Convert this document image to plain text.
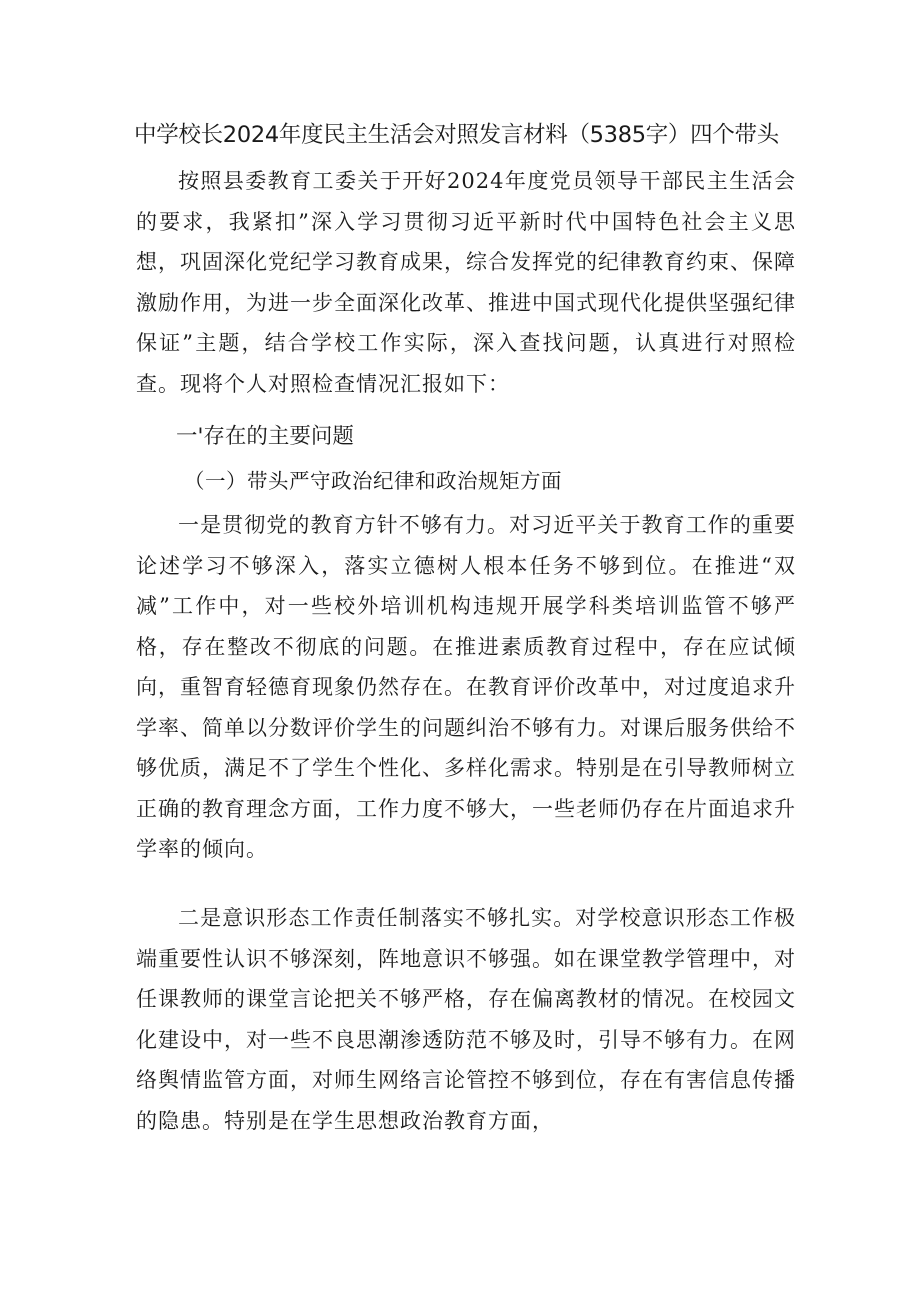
中学校长2024年度民主生活会对照发言材料（5385字）四个带头
按照县委教育工委关于开好2024年度党员领导干部民主生活会的要求，我紧扣”深入学习贯彻习近平新时代中国特色社会主义思想，巩固深化党纪学习教育成果，综合发挥党的纪律教育约束、保障激励作用，为进一步全面深化改革、推进中国式现代化提供坚强纪律保证”主题，结合学校工作实际，深入查找问题，认真进行对照检查。现将个人对照检查情况汇报如下：
一'存在的主要问题
（一）带头严守政治纪律和政治规矩方面
一是贯彻党的教育方针不够有力。对习近平关于教育工作的重要论述学习不够深入，落实立德树人根本任务不够到位。在推进“双减”工作中，对一些校外培训机构违规开展学科类培训监管不够严格，存在整改不彻底的问题。在推进素质教育过程中，存在应试倾向，重智育轻德育现象仍然存在。在教育评价改革中，对过度追求升学率、简单以分数评价学生的问题纠治不够有力。对课后服务供给不够优质，满足不了学生个性化、多样化需求。特别是在引导教师树立正确的教育理念方面，工作力度不够大，一些老师仍存在片面追求升学率的倾向。
二是意识形态工作责任制落实不够扎实。对学校意识形态工作极端重要性认识不够深刻，阵地意识不够强。如在课堂教学管理中，对任课教师的课堂言论把关不够严格，存在偏离教材的情况。在校园文化建设中，对一些不良思潮渗透防范不够及时，引导不够有力。在网络舆情监管方面，对师生网络言论管控不够到位，存在有害信息传播的隐患。特别是在学生思想政治教育方面，
